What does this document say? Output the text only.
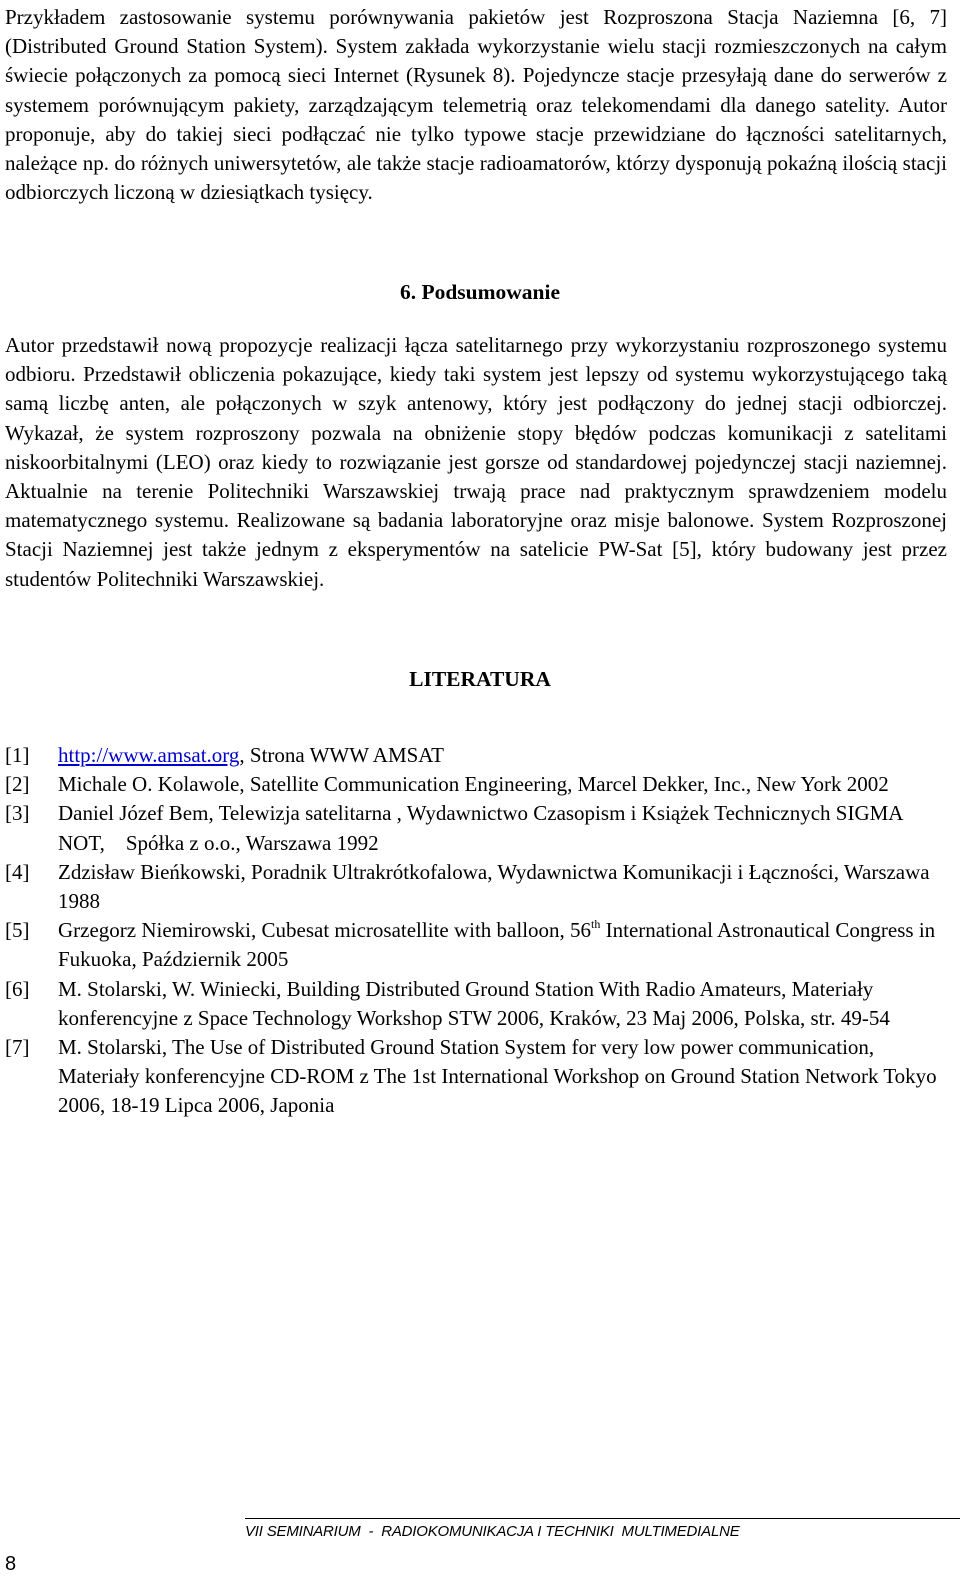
Przykładem zastosowanie systemu porównywania pakietów jest Rozproszona Stacja Naziemna [6, 7] (Distributed Ground Station System). System zakłada wykorzystanie wielu stacji rozmieszczonych na całym świecie połączonych za pomocą sieci Internet (Rysunek 8). Pojedyncze stacje przesyłają dane do serwerów z systemem porównującym pakiety, zarządzającym telemetrią oraz telekomendami dla danego satelity. Autor proponuje, aby do takiej sieci podłączać nie tylko typowe stacje przewidziane do łączności satelitarnych, należące np. do różnych uniwersytetów, ale także stacje radioamatorów, którzy dysponują pokaźną ilością stacji odbiorczych liczoną w dziesiątkach tysięcy.

6. Podsumowanie

Autor przedstawił nową propozycje realizacji łącza satelitarnego przy wykorzystaniu rozproszonego systemu odbioru. Przedstawił obliczenia pokazujące, kiedy taki system jest lepszy od systemu wykorzystującego taką samą liczbę anten, ale połączonych w szyk antenowy, który jest podłączony do jednej stacji odbiorczej. Wykazał, że system rozproszony pozwala na obniżenie stopy błędów podczas komunikacji z satelitami niskoorbitalnymi (LEO) oraz kiedy to rozwiązanie jest gorsze od standardowej pojedynczej stacji naziemnej. Aktualnie na terenie Politechniki Warszawskiej trwają prace nad praktycznym sprawdzeniem modelu matematycznego systemu. Realizowane są badania laboratoryjne oraz misje balonowe. System Rozproszonej Stacji Naziemnej jest także jednym z eksperymentów na satelicie PW-Sat [5], który budowany jest przez studentów Politechniki Warszawskiej.

LITERATURA
[1]	http://www.amsat.org, Strona WWW AMSAT
[2]	Michale O. Kolawole, Satellite Communication Engineering, Marcel Dekker, Inc., New York 2002
[3]	Daniel Józef Bem, Telewizja satelitarna , Wydawnictwo Czasopism i Książek Technicznych SIGMA NOT,    Spółka z o.o., Warszawa 1992
[4]	Zdzisław Bieńkowski, Poradnik Ultrakrótkofalowa, Wydawnictwa Komunikacji i Łączności, Warszawa 1988
[5]	Grzegorz Niemirowski, Cubesat microsatellite with balloon, 56th International Astronautical Congress in Fukuoka, Październik 2005
[6]	M. Stolarski, W. Winiecki, Building Distributed Ground Station With Radio Amateurs, Materiały konferencyjne z Space Technology Workshop STW 2006, Kraków, 23 Maj 2006, Polska, str. 49-54
[7]	M. Stolarski, The Use of Distributed Ground Station System for very low power communication, Materiały konferencyjne CD-ROM z The 1st International Workshop on Ground Station Network Tokyo 2006, 18-19 Lipca 2006, Japonia
VII SEMINARIUM  -  RADIOKOMUNIKACJA I TECHNIKI  MULTIMEDIALNE
8
